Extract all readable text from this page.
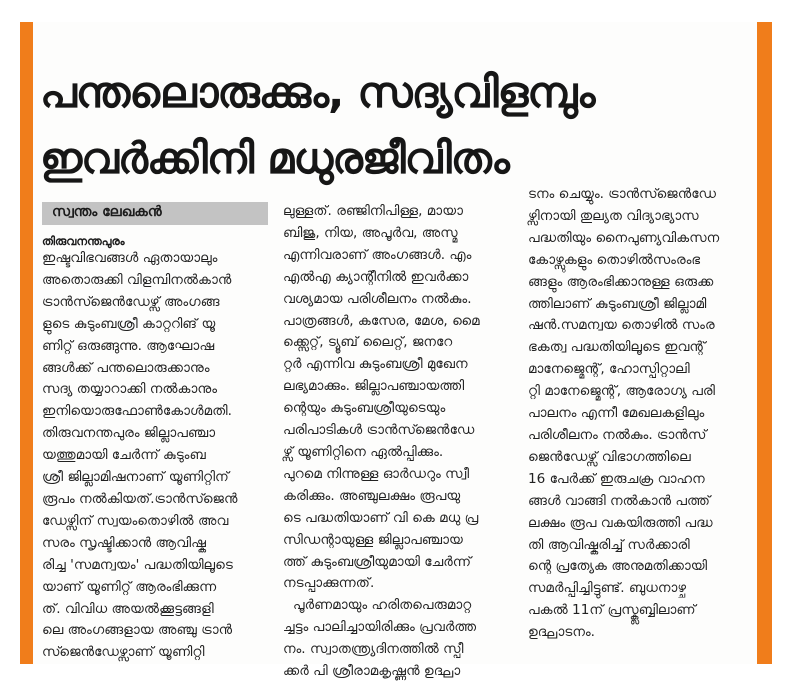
പന്തലൊരുക്കും, സദ്യവിളമ്പും
ഇവർക്കിനി മധുരജീവിതം
സ്വന്തം ലേഖകൻ
തിരുവനന്തപുരം

ഇഷ്ടവിഭവങ്ങൾ ഏതായാലും

അതൊരുക്കി വിളമ്പിനൽകാൻ

ട്രാൻസ്ജെൻഡേഴ്സ് അംഗങ്ങ

ളുടെ കുടുംബശ്രീ കാറ്ററിങ് യൂ

ണിറ്റ് ഒരുങ്ങുന്നു. ആഘോഷ

ങ്ങൾക്ക് പന്തലൊരുക്കാനും

സദ്യ തയ്യാറാക്കി നൽകാനും

ഇനിയൊരുഫോൺകോൾമതി.

തിരുവനന്തപുരം ജില്ലാപഞ്ചാ

യത്തുമായി ചേർന്ന് കുടുംബ

ശ്രീ ജില്ലാമിഷനാണ് യൂണിറ്റിന്

രൂപം നൽകിയത്.ട്രാൻസ്ജെൻ

ഡേഴ്സിന് സ്വയംതൊഴിൽ അവ

സരം സൃഷ്ടിക്കാൻ ആവിഷ്ക

രിച്ച 'സമന്വയം' പദ്ധതിയിലൂടെ

യാണ് യൂണിറ്റ് ആരംഭിക്കുന്ന

ത്. വിവിധ അയൽക്കൂട്ടങ്ങളി

ലെ അംഗങ്ങളായ അഞ്ചു ട്രാൻ

സ്ജെൻഡേഴ്സാണ് യൂണിറ്റി

ലുള്ളത്. രഞ്ജിനിപിള്ള, മായാ

ബിജു, നിയ, അപൂർവ, അസ്മ

എന്നിവരാണ് അംഗങ്ങൾ. എം

എൽഎ ക്യാന്റീനിൽ ഇവർക്കാ

വശ്യമായ പരിശീലനം നൽകും.

പാത്രങ്ങൾ, കസേര, മേശ, മൈ

ക്ക്സെറ്റ്, ട്യൂബ് ലൈറ്റ്, ജനറേ

റ്റർ എന്നിവ കുടുംബശ്രീ മുഖേന

ലഭ്യമാക്കും. ജില്ലാപഞ്ചായത്തി

ന്റെയും കുടുംബശ്രീയുടെയും

പരിപാടികൾ ട്രാൻസ്ജെൻഡേ

ഴ്സ് യൂണിറ്റിനെ ഏൽപ്പിക്കും.

പുറമെ നിന്നുള്ള ഓർഡറും സ്വീ

കരിക്കും. അഞ്ചുലക്ഷം രൂപയു

ടെ പദ്ധതിയാണ് വി കെ മധു പ്ര

സിഡന്റായുള്ള ജില്ലാപഞ്ചായ

ത്ത് കുടുംബശ്രീയുമായി ചേർന്ന്

നടപ്പാക്കുന്നത്.

പൂർണമായും ഹരിതപെരുമാറ്റ

ച്ചട്ടം പാലിച്ചായിരിക്കും പ്രവർത്ത

നം. സ്വാതന്ത്ര്യദിനത്തിൽ സ്പീ

ക്കർ പി ശ്രീരാമകൃഷ്ണൻ ഉദ്ഘാ

ടനം ചെയ്യും. ട്രാൻസ്ജെൻഡേ

ഴ്സിനായി തുല്യത വിദ്യാഭ്യാസ

പദ്ധതിയും നൈപുണ്യവികസന

കോഴ്സുകളും തൊഴിൽസംരംഭ

ങ്ങളും ആരംഭിക്കാനുള്ള ഒരുക്ക

ത്തിലാണ് കുടുംബശ്രീ ജില്ലാമി

ഷൻ.സമന്വയ തൊഴിൽ സംര

ഭകത്വ പദ്ധതിയിലൂടെ ഇവന്റ്

മാനേജ്മെന്റ്, ഹോസ്പിറ്റാലി

റ്റി മാനേജ്മെന്റ്, ആരോഗ്യ പരി

പാലനം എന്നീ മേഖലകളിലും

പരിശീലനം നൽകും. ട്രാൻസ്

ജെൻഡേഴ്സ് വിഭാഗത്തിലെ

16 പേർക്ക് ഇരുചക്ര വാഹന

ങ്ങൾ വാങ്ങി നൽകാൻ പത്ത്

ലക്ഷം രൂപ വകയിരുത്തി പദ്ധ

തി ആവിഷ്കരിച്ച് സർക്കാരി

ന്റെ പ്രത്യേക അനുമതിക്കായി

സമർപ്പിച്ചിട്ടുണ്ട്. ബുധനാഴ്ച

പകൽ 11ന് പ്രസ്ക്ലബ്ബിലാണ്

ഉദ്ഘാടനം.
